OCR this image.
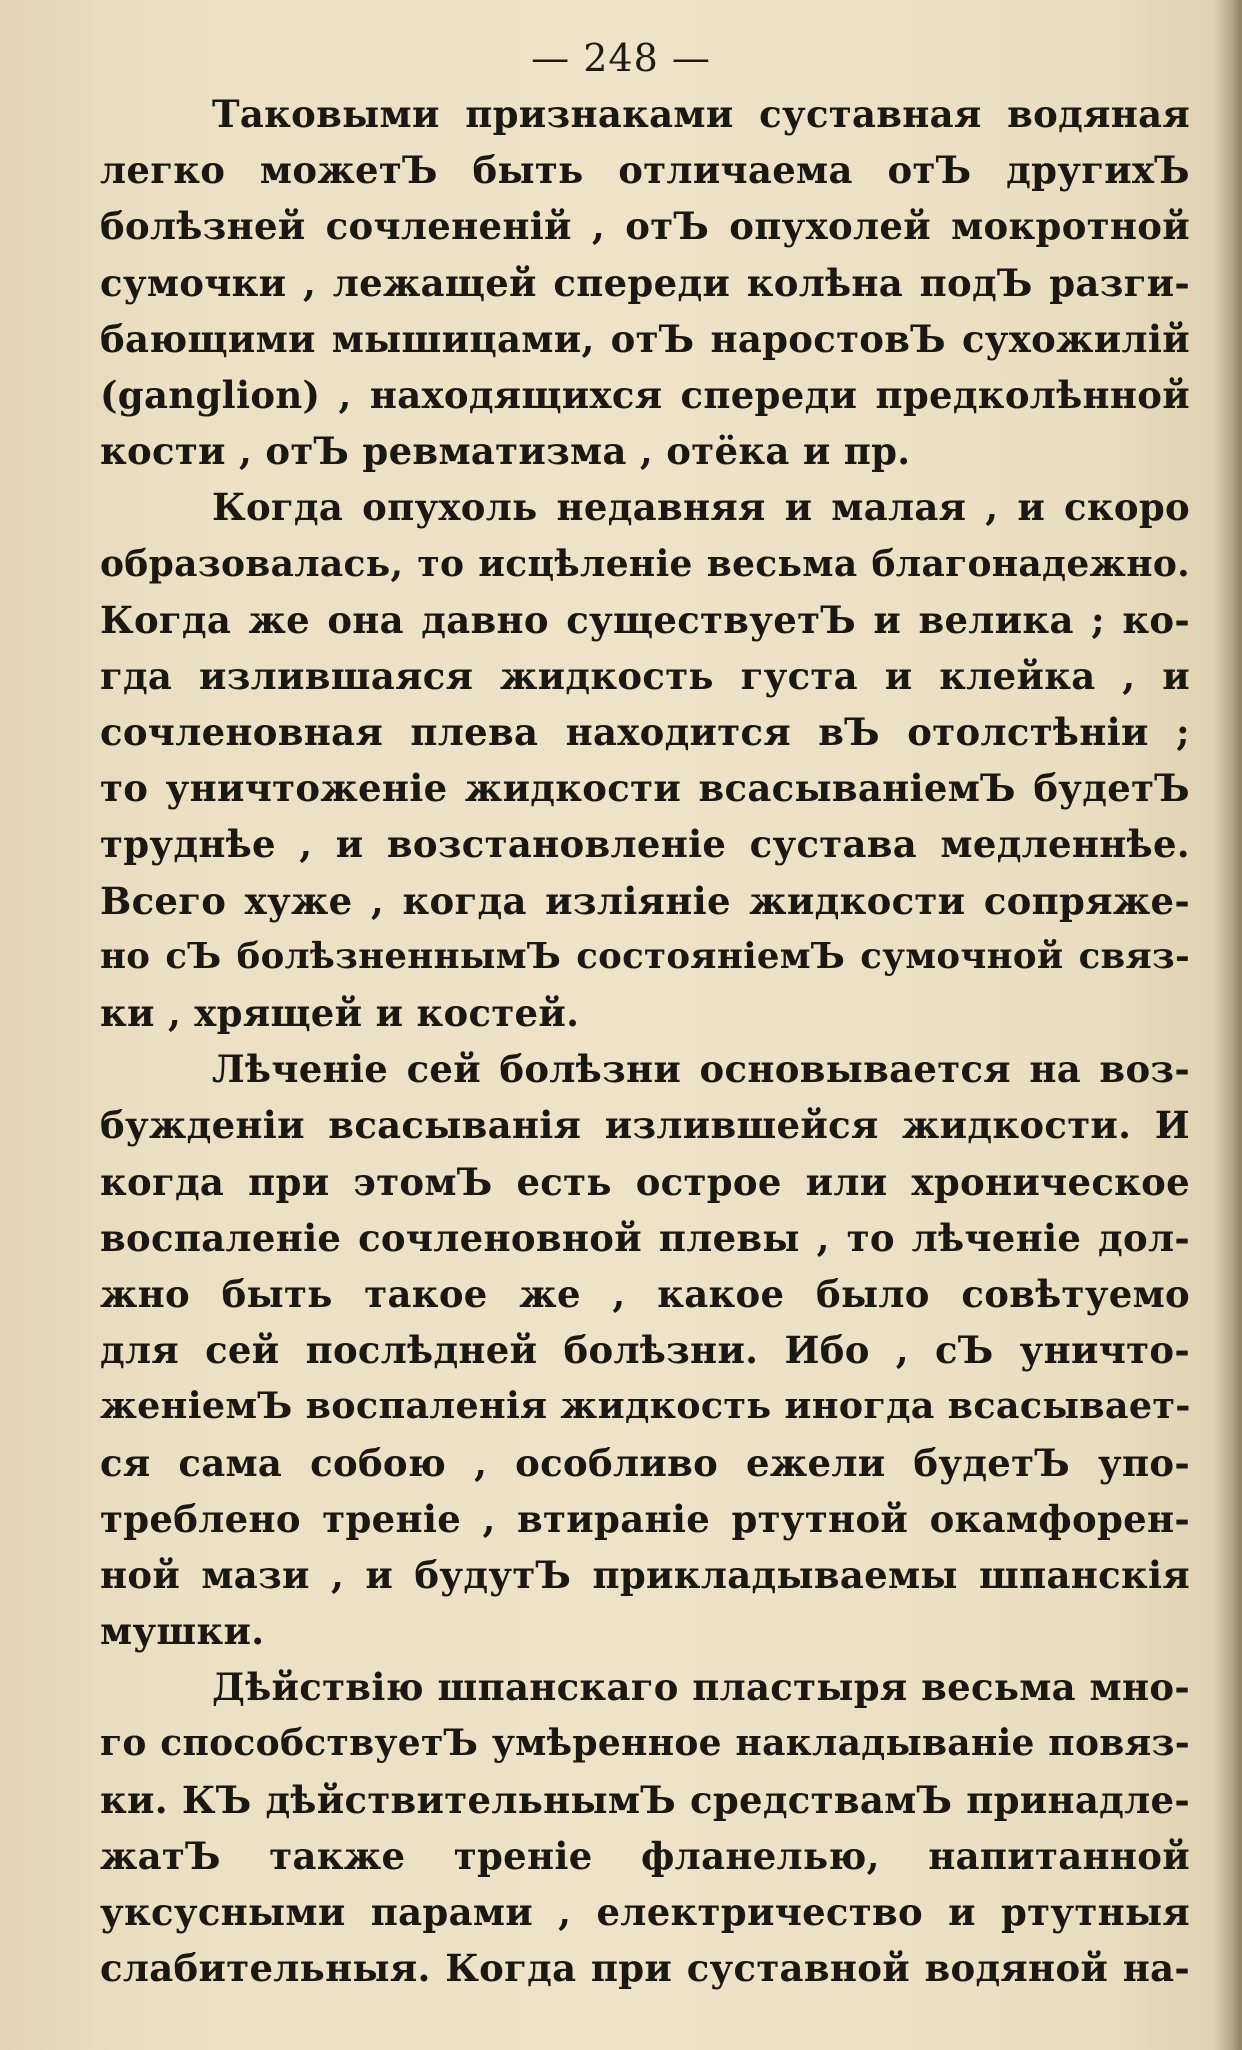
— 248 —
Таковыми признаками суставная водяная
легко можетЪ быть отличаема отЪ другихЪ
болѣзней сочлененій , отЪ опухолей мокротной
сумочки , лежащей спереди колѣна подЪ разги-
бающими мышицами, отЪ наростовЪ сухожилій
(ganglion) , находящихся спереди предколѣнной
кости , отЪ ревматизма , отёка и пр.
Когда опухоль недавняя и малая , и скоро
образовалась, то исцѣленіе весьма благонадежно.
Когда же она давно существуетЪ и велика ; ко-
гда излившаяся жидкость густа и клейка , и
сочленовная плева находится вЪ отолстѣніи ;
то уничтоженіе жидкости всасываніемЪ будетЪ
труднѣе , и возстановленіе сустава медленнѣе.
Всего хуже , когда изліяніе жидкости сопряже-
но сЪ болѣзненнымЪ состояніемЪ сумочной связ-
ки , хрящей и костей.
Лѣченіе сей болѣзни основывается на воз-
бужденіи всасыванія излившейся жидкости. И
когда при этомЪ есть острое или хроническое
воспаленіе сочленовной плевы , то лѣченіе дол-
жно быть такое же , какое было совѣтуемо
для сей послѣдней болѣзни. Ибо , сЪ уничто-
женіемЪ воспаленія жидкость иногда всасывает-
ся сама собою , особливо ежели будетЪ упо-
треблено треніе , втираніе ртутной окамфорен-
ной мази , и будутЪ прикладываемы шпанскія
мушки.
Дѣйствію шпанскаго пластыря весьма мно-
го способствуетЪ умѣренное накладываніе повяз-
ки. КЪ дѣйствительнымЪ средствамЪ принадле-
жатЪ также треніе фланелью, напитанной
уксусными парами , електричество и ртутныя
слабительныя. Когда при суставной водяной на-
